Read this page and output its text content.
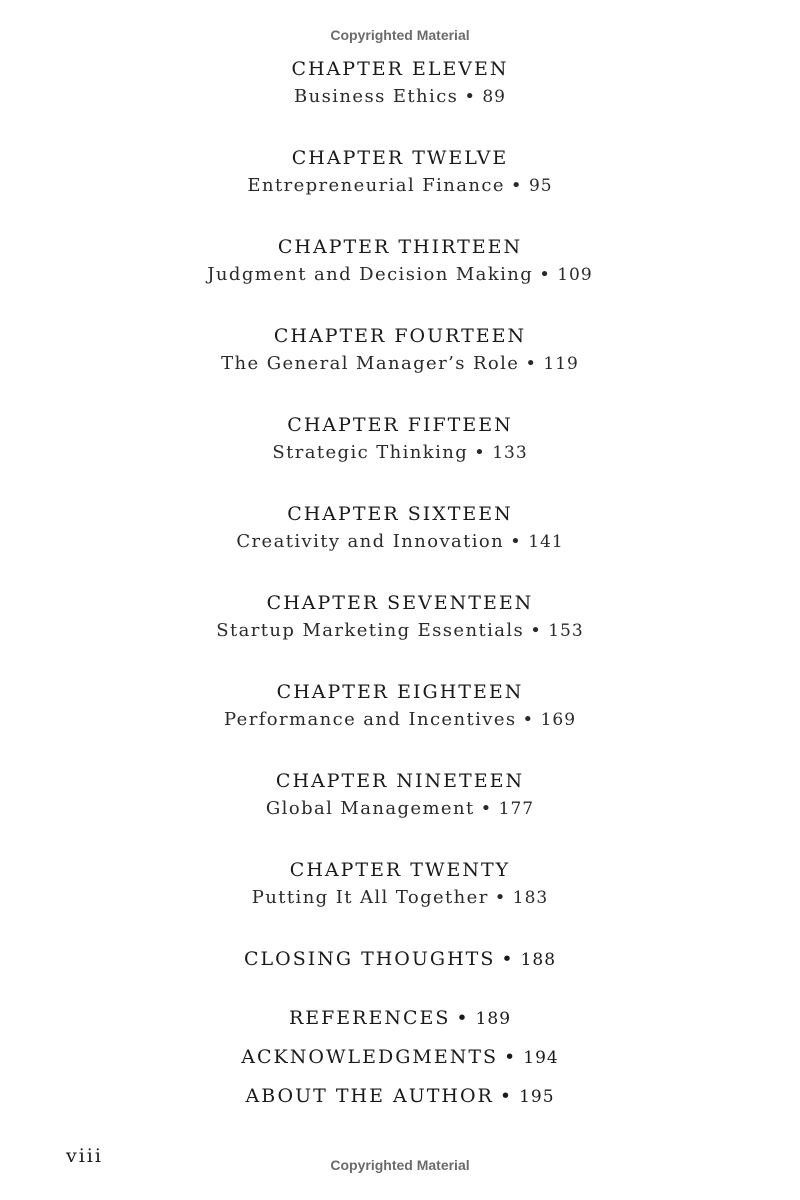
Copyrighted Material
CHAPTER ELEVEN
Business Ethics • 89
CHAPTER TWELVE
Entrepreneurial Finance • 95
CHAPTER THIRTEEN
Judgment and Decision Making • 109
CHAPTER FOURTEEN
The General Manager’s Role • 119
CHAPTER FIFTEEN
Strategic Thinking • 133
CHAPTER SIXTEEN
Creativity and Innovation • 141
CHAPTER SEVENTEEN
Startup Marketing Essentials • 153
CHAPTER EIGHTEEN
Performance and Incentives • 169
CHAPTER NINETEEN
Global Management • 177
CHAPTER TWENTY
Putting It All Together • 183
CLOSING THOUGHTS • 188
REFERENCES • 189
ACKNOWLEDGMENTS • 194
ABOUT THE AUTHOR • 195
viii	Copyrighted Material
